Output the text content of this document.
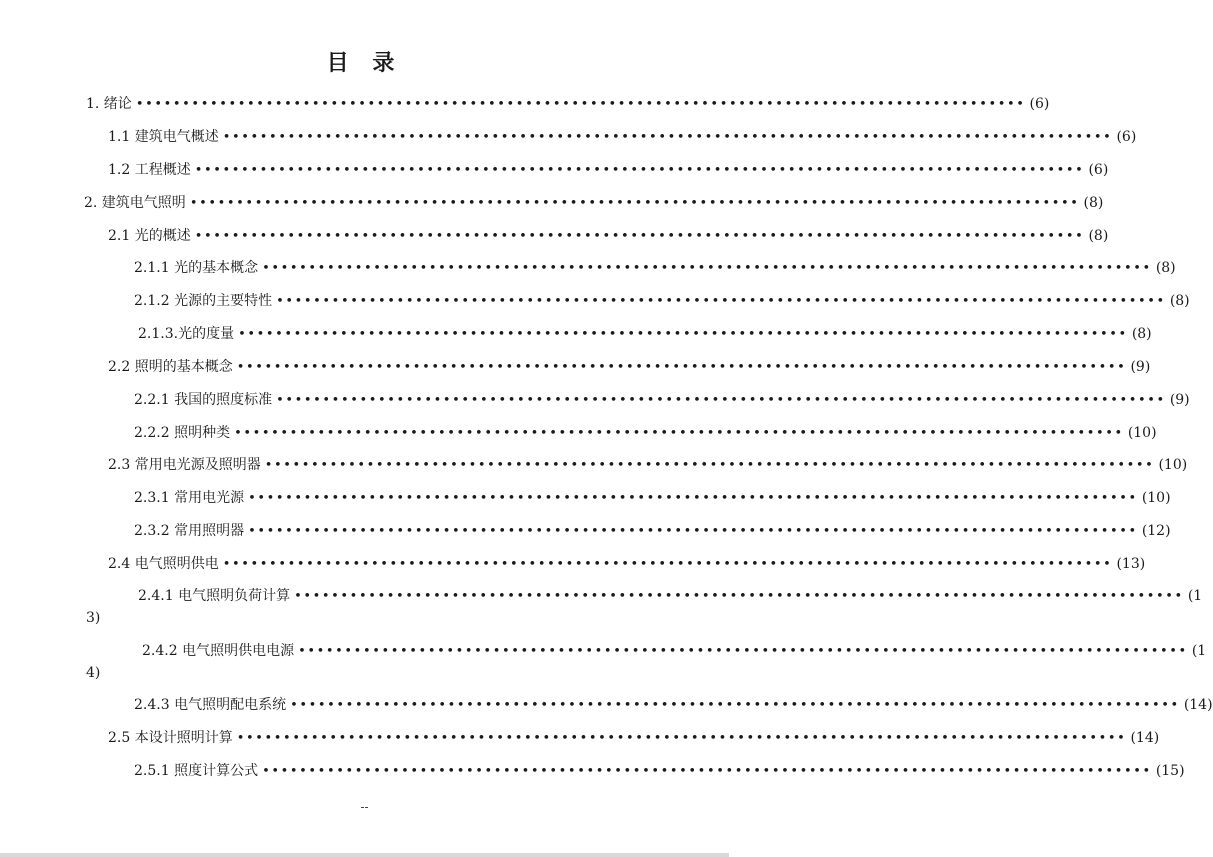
目 录
1. 绪论 •••••••••••••••••••••••••••••••••••••••••••••••••••••••••••••••••••••••••••••••••••••••••••••••• (6)
1.1 建筑电气概述 •••••••••••••••••••••••••••••••••••••••••••••••••••••••••••••••••••••••••••••••••••••••••••••••• (6)
1.2 工程概述 •••••••••••••••••••••••••••••••••••••••••••••••••••••••••••••••••••••••••••••••••••••••••••••••• (6)
2. 建筑电气照明 •••••••••••••••••••••••••••••••••••••••••••••••••••••••••••••••••••••••••••••••••••••••••••••••• (8)
2.1 光的概述 •••••••••••••••••••••••••••••••••••••••••••••••••••••••••••••••••••••••••••••••••••••••••••••••• (8)
2.1.1 光的基本概念 •••••••••••••••••••••••••••••••••••••••••••••••••••••••••••••••••••••••••••••••••••••••••••••••• (8)
2.1.2 光源的主要特性 •••••••••••••••••••••••••••••••••••••••••••••••••••••••••••••••••••••••••••••••••••••••••••••••• (8)
2.1.3.光的度量 •••••••••••••••••••••••••••••••••••••••••••••••••••••••••••••••••••••••••••••••••••••••••••••••• (8)
2.2 照明的基本概念 •••••••••••••••••••••••••••••••••••••••••••••••••••••••••••••••••••••••••••••••••••••••••••••••• (9)
2.2.1 我国的照度标准 •••••••••••••••••••••••••••••••••••••••••••••••••••••••••••••••••••••••••••••••••••••••••••••••• (9)
2.2.2 照明种类 •••••••••••••••••••••••••••••••••••••••••••••••••••••••••••••••••••••••••••••••••••••••••••••••• (10)
2.3 常用电光源及照明器 •••••••••••••••••••••••••••••••••••••••••••••••••••••••••••••••••••••••••••••••••••••••••••••••• (10)
2.3.1 常用电光源 •••••••••••••••••••••••••••••••••••••••••••••••••••••••••••••••••••••••••••••••••••••••••••••••• (10)
2.3.2 常用照明器 •••••••••••••••••••••••••••••••••••••••••••••••••••••••••••••••••••••••••••••••••••••••••••••••• (12)
2.4 电气照明供电 •••••••••••••••••••••••••••••••••••••••••••••••••••••••••••••••••••••••••••••••••••••••••••••••• (13)
2.4.1 电气照明负荷计算 •••••••••••••••••••••••••••••••••••••••••••••••••••••••••••••••••••••••••••••••••••••••••••••••• (1
3)
2.4.2 电气照明供电电源 •••••••••••••••••••••••••••••••••••••••••••••••••••••••••••••••••••••••••••••••••••••••••••••••• (1
4)
2.4.3 电气照明配电系统 •••••••••••••••••••••••••••••••••••••••••••••••••••••••••••••••••••••••••••••••••••••••••••••••• (14)
2.5 本设计照明计算 •••••••••••••••••••••••••••••••••••••••••••••••••••••••••••••••••••••••••••••••••••••••••••••••• (14)
2.5.1 照度计算公式 •••••••••••••••••••••••••••••••••••••••••••••••••••••••••••••••••••••••••••••••••••••••••••••••• (15)
--
